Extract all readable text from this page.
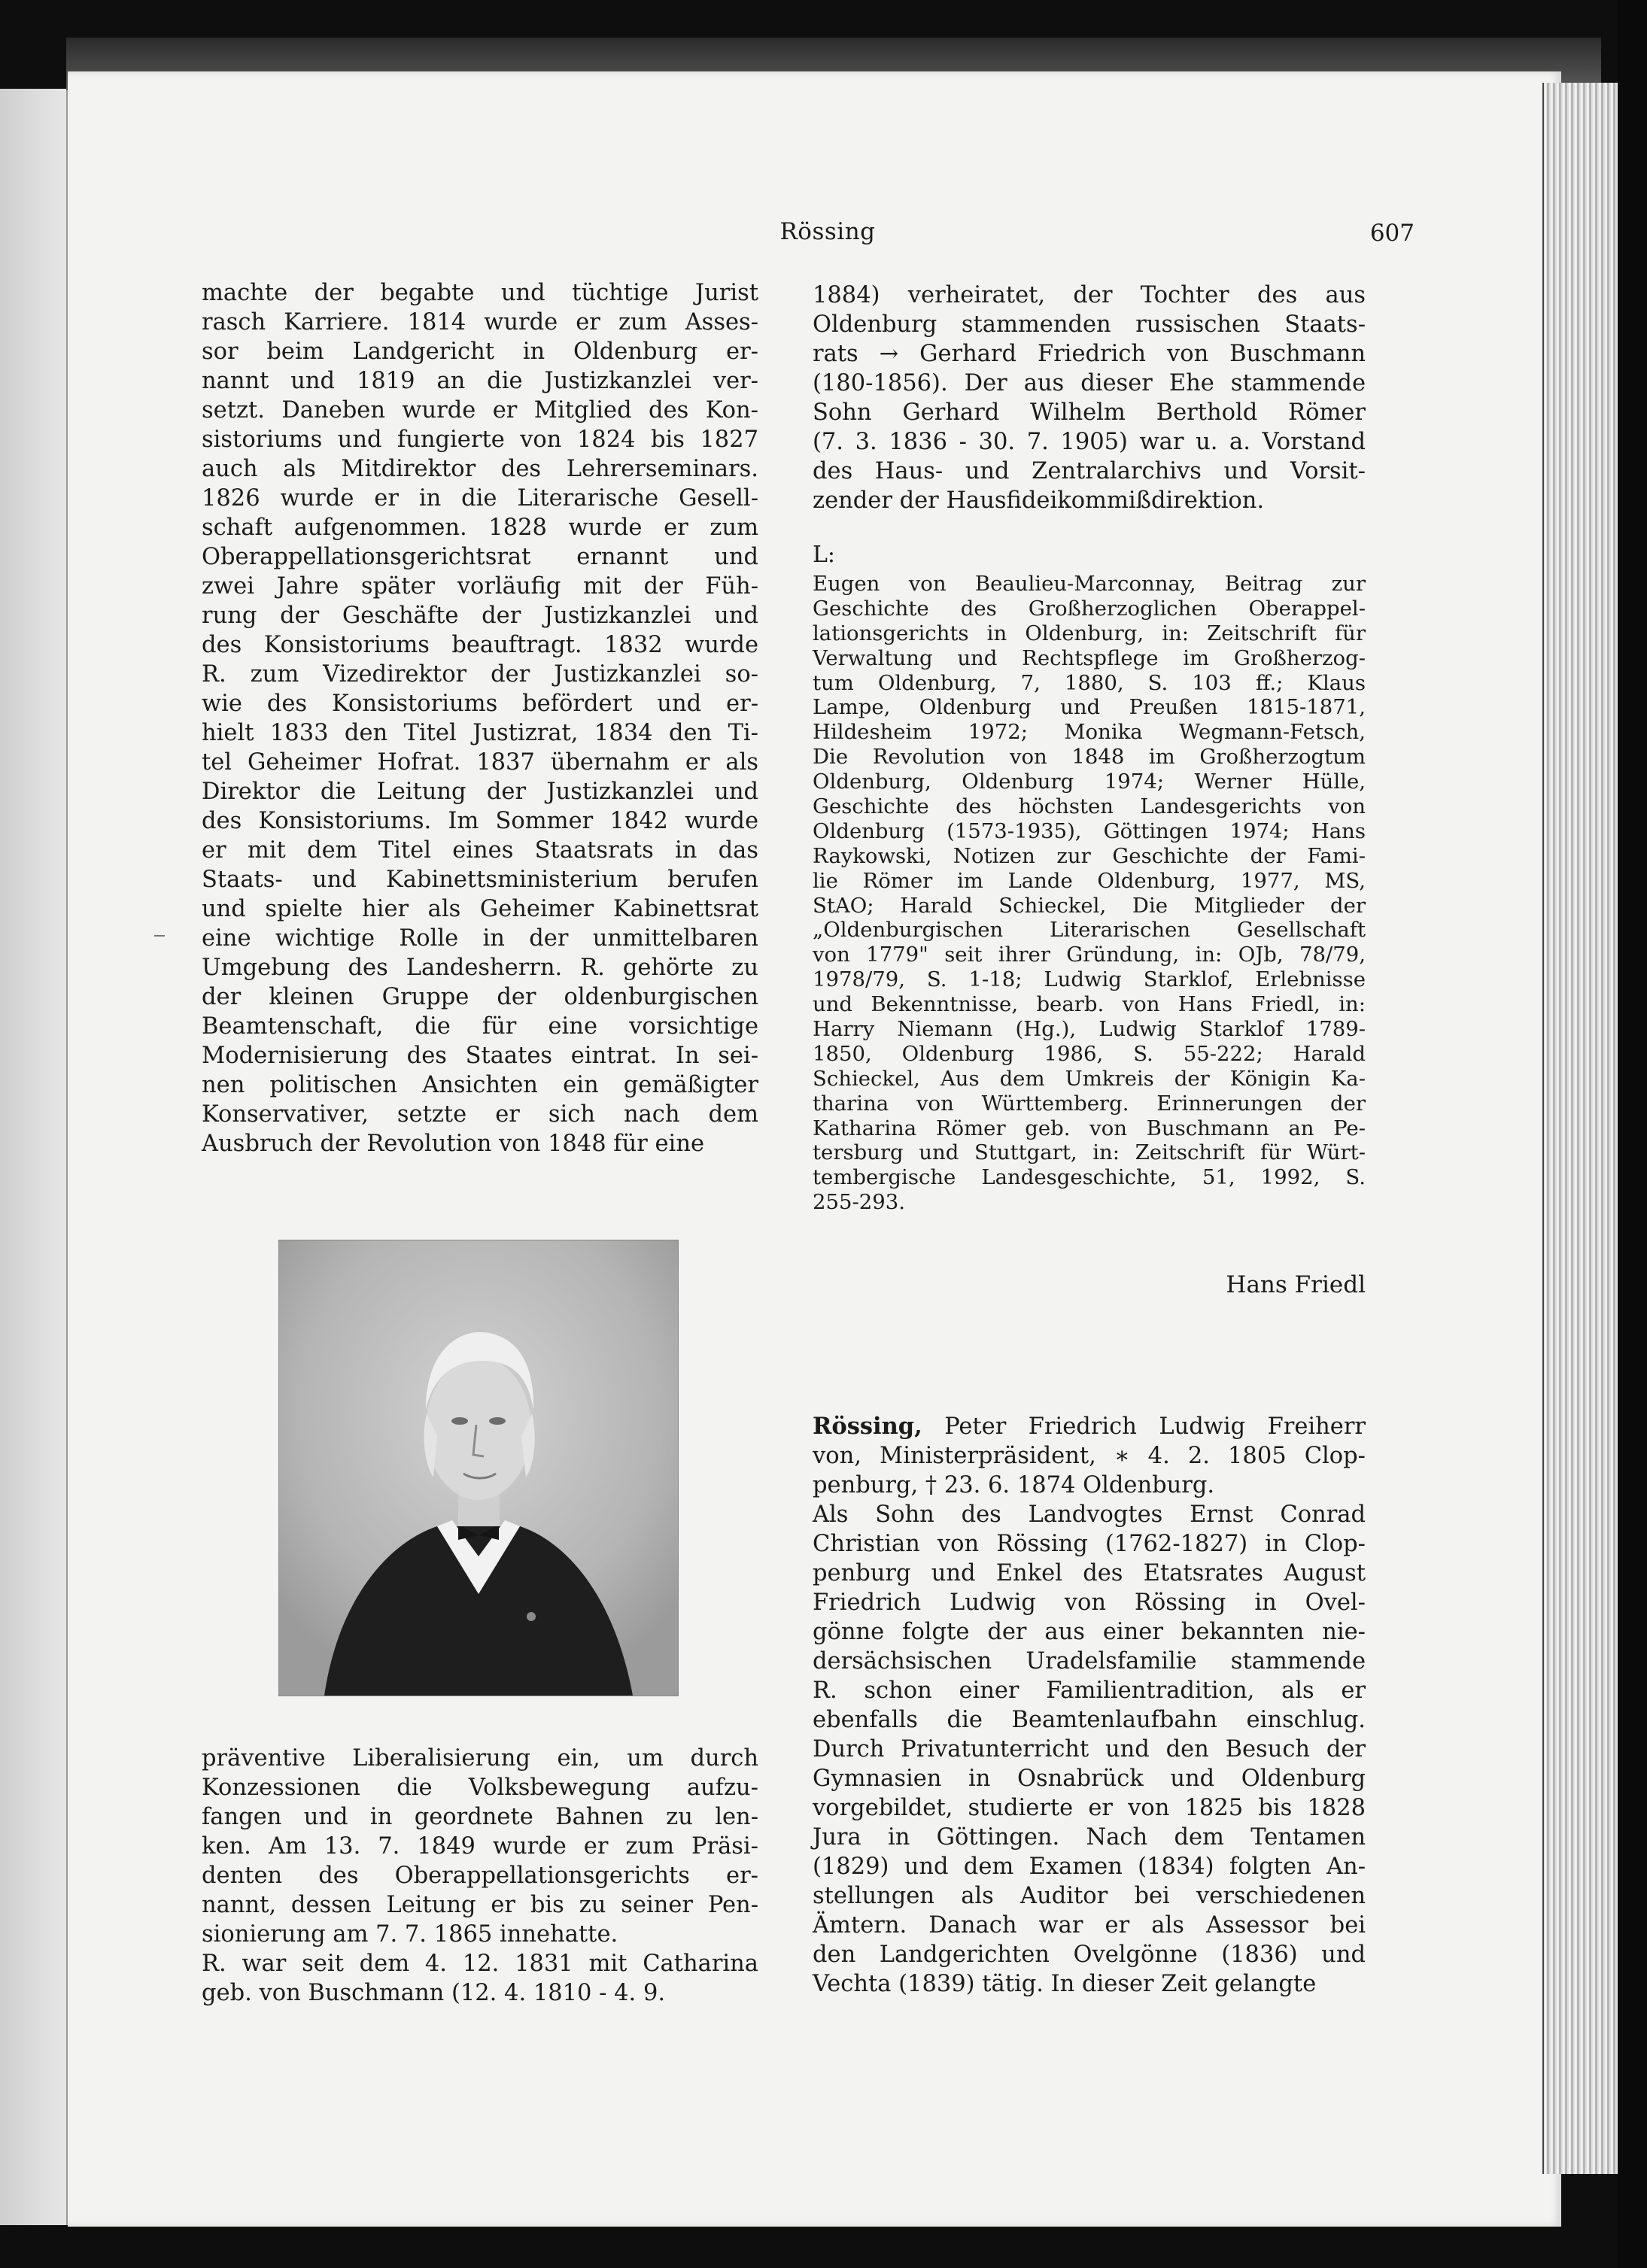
Rössing	607
machte der begabte und tüchtige Jurist
rasch Karriere. 1814 wurde er zum Asses-
sor beim Landgericht in Oldenburg er-
nannt und 1819 an die Justizkanzlei ver-
setzt. Daneben wurde er Mitglied des Kon-
sistoriums und fungierte von 1824 bis 1827
auch als Mitdirektor des Lehrerseminars.
1826 wurde er in die Literarische Gesell-
schaft aufgenommen. 1828 wurde er zum
Oberappellationsgerichtsrat ernannt und
zwei Jahre später vorläufig mit der Füh-
rung der Geschäfte der Justizkanzlei und
des Konsistoriums beauftragt. 1832 wurde
R. zum Vizedirektor der Justizkanzlei so-
wie des Konsistoriums befördert und er-
hielt 1833 den Titel Justizrat, 1834 den Ti-
tel Geheimer Hofrat. 1837 übernahm er als
Direktor die Leitung der Justizkanzlei und
des Konsistoriums. Im Sommer 1842 wurde
er mit dem Titel eines Staatsrats in das
Staats- und Kabinettsministerium berufen
und spielte hier als Geheimer Kabinettsrat
eine wichtige Rolle in der unmittelbaren
Umgebung des Landesherrn. R. gehörte zu
der kleinen Gruppe der oldenburgischen
Beamtenschaft, die für eine vorsichtige
Modernisierung des Staates eintrat. In sei-
nen politischen Ansichten ein gemäßigter
Konservativer, setzte er sich nach dem
Ausbruch der Revolution von 1848 für eine
präventive Liberalisierung ein, um durch
Konzessionen die Volksbewegung aufzu-
fangen und in geordnete Bahnen zu len-
ken. Am 13. 7. 1849 wurde er zum Präsi-
denten des Oberappellationsgerichts er-
nannt, dessen Leitung er bis zu seiner Pen-
sionierung am 7. 7. 1865 innehatte.
R. war seit dem 4. 12. 1831 mit Catharina
geb. von Buschmann (12. 4. 1810 - 4. 9.
1884) verheiratet, der Tochter des aus
Oldenburg stammenden russischen Staats-
rats → Gerhard Friedrich von Buschmann
(180-1856). Der aus dieser Ehe stammende
Sohn Gerhard Wilhelm Berthold Römer
(7. 3. 1836 - 30. 7. 1905) war u. a. Vorstand
des Haus- und Zentralarchivs und Vorsit-
zender der Hausfideikommißdirektion.
L:
Eugen von Beaulieu-Marconnay, Beitrag zur
Geschichte des Großherzoglichen Oberappel-
lationsgerichts in Oldenburg, in: Zeitschrift für
Verwaltung und Rechtspflege im Großherzog-
tum Oldenburg, 7, 1880, S. 103 ff.; Klaus
Lampe, Oldenburg und Preußen 1815-1871,
Hildesheim 1972; Monika Wegmann-Fetsch,
Die Revolution von 1848 im Großherzogtum
Oldenburg, Oldenburg 1974; Werner Hülle,
Geschichte des höchsten Landesgerichts von
Oldenburg (1573-1935), Göttingen 1974; Hans
Raykowski, Notizen zur Geschichte der Fami-
lie Römer im Lande Oldenburg, 1977, MS,
StAO; Harald Schieckel, Die Mitglieder der
„Oldenburgischen Literarischen Gesellschaft
von 1779" seit ihrer Gründung, in: OJb, 78/79,
1978/79, S. 1-18; Ludwig Starklof, Erlebnisse
und Bekenntnisse, bearb. von Hans Friedl, in:
Harry Niemann (Hg.), Ludwig Starklof 1789-
1850, Oldenburg 1986, S. 55-222; Harald
Schieckel, Aus dem Umkreis der Königin Ka-
tharina von Württemberg. Erinnerungen der
Katharina Römer geb. von Buschmann an Pe-
tersburg und Stuttgart, in: Zeitschrift für Würt-
tembergische Landesgeschichte, 51, 1992, S.
255-293.
Hans Friedl
Rössing, Peter Friedrich Ludwig Freiherr
von, Ministerpräsident, ∗ 4. 2. 1805 Clop-
penburg, † 23. 6. 1874 Oldenburg.
Als Sohn des Landvogtes Ernst Conrad
Christian von Rössing (1762-1827) in Clop-
penburg und Enkel des Etatsrates August
Friedrich Ludwig von Rössing in Ovel-
gönne folgte der aus einer bekannten nie-
dersächsischen Uradelsfamilie stammende
R. schon einer Familientradition, als er
ebenfalls die Beamtenlaufbahn einschlug.
Durch Privatunterricht und den Besuch der
Gymnasien in Osnabrück und Oldenburg
vorgebildet, studierte er von 1825 bis 1828
Jura in Göttingen. Nach dem Tentamen
(1829) und dem Examen (1834) folgten An-
stellungen als Auditor bei verschiedenen
Ämtern. Danach war er als Assessor bei
den Landgerichten Ovelgönne (1836) und
Vechta (1839) tätig. In dieser Zeit gelangte
